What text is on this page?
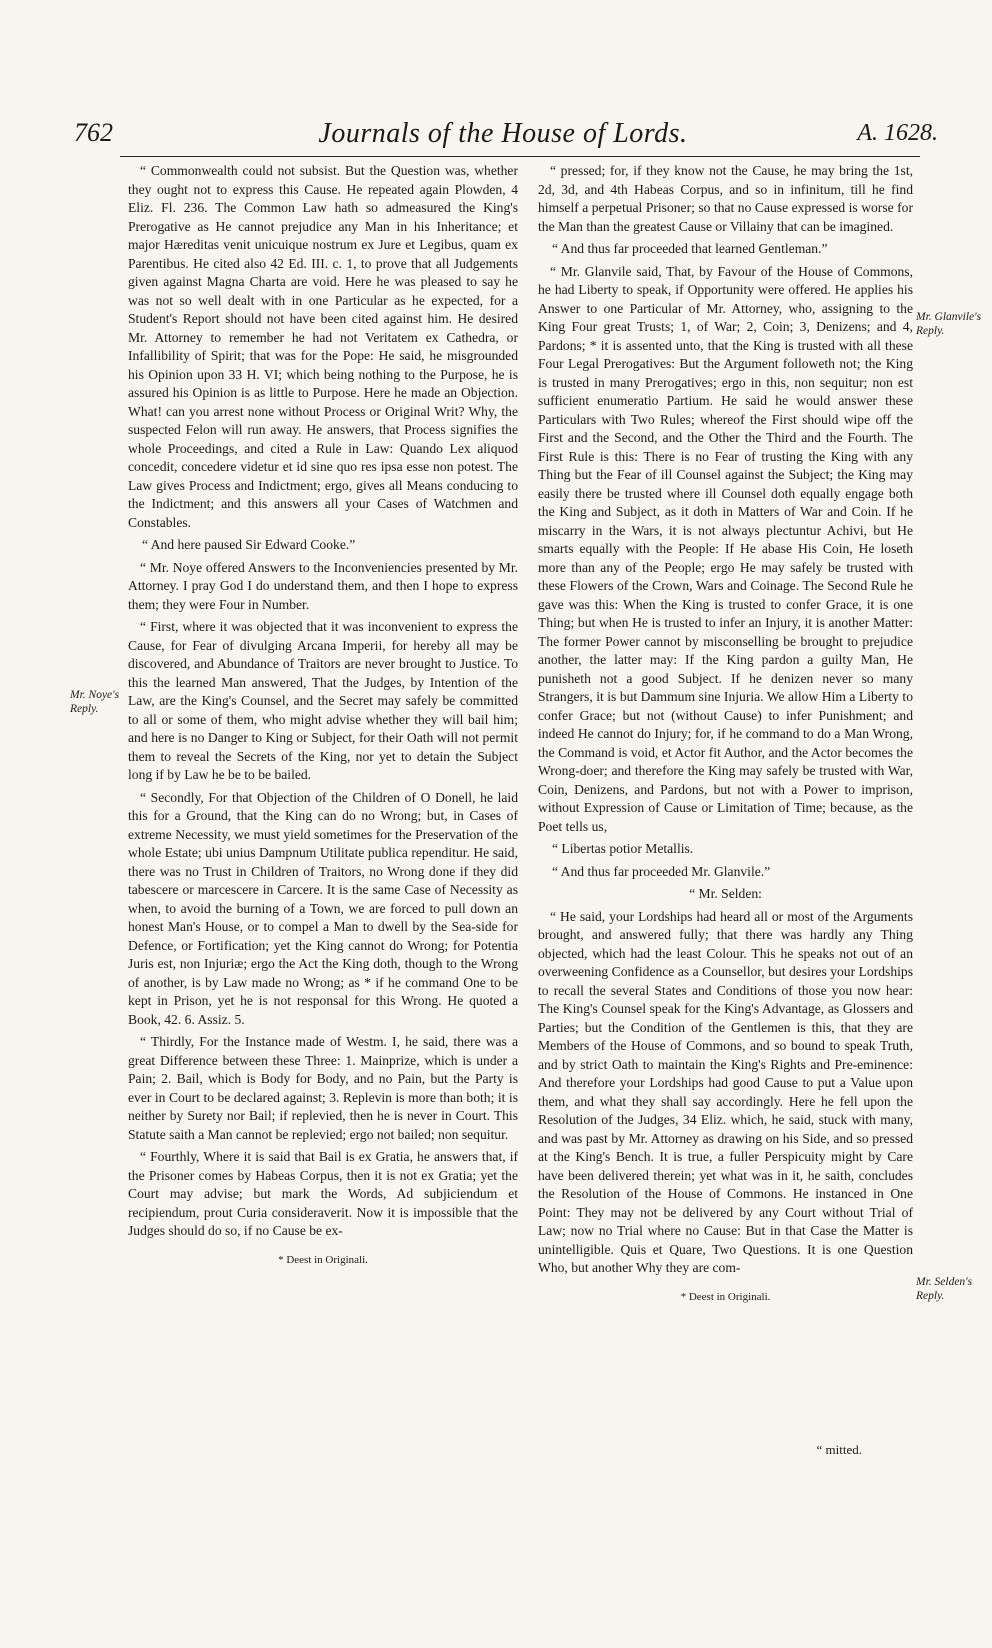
762	Journals of the House of Lords.	A. 1628.
Mr. Noye's Reply.
Mr. Glanvile's Reply.
Mr. Selden's Reply.

“ Commonwealth could not subsist. But the Question was, whether they ought not to express this Cause. He repeated again Plowden, 4 Eliz. Fl. 236. The Common Law hath so admeasured the King's Prerogative as He cannot prejudice any Man in his Inheritance; et major Hæreditas venit unicuique nostrum ex Jure et Legibus, quam ex Parentibus. He cited also 42 Ed. III. c. 1, to prove that all Judgements given against Magna Charta are void. Here he was pleased to say he was not so well dealt with in one Particular as he expected, for a Student's Report should not have been cited against him. He desired Mr. Attorney to remember he had not Veritatem ex Cathedra, or Infallibility of Spirit; that was for the Pope: He said, he misgrounded his Opinion upon 33 H. VI; which being nothing to the Purpose, he is assured his Opinion is as little to Purpose. Here he made an Objection. What! can you arrest none without Process or Original Writ? Why, the suspected Felon will run away. He answers, that Process signifies the whole Proceedings, and cited a Rule in Law: Quando Lex aliquod concedit, concedere videtur et id sine quo res ipsa esse non potest. The Law gives Process and Indictment; ergo, gives all Means conducing to the Indictment; and this answers all your Cases of Watchmen and Constables.

“ And here paused Sir Edward Cooke.”

“ Mr. Noye offered Answers to the Inconveniencies presented by Mr. Attorney. I pray God I do understand them, and then I hope to express them; they were Four in Number.

“ First, where it was objected that it was inconvenient to express the Cause, for Fear of divulging Arcana Imperii, for hereby all may be discovered, and Abundance of Traitors are never brought to Justice. To this the learned Man answered, That the Judges, by Intention of the Law, are the King's Counsel, and the Secret may safely be committed to all or some of them, who might advise whether they will bail him; and here is no Danger to King or Subject, for their Oath will not permit them to reveal the Secrets of the King, nor yet to detain the Subject long if by Law he be to be bailed.

“ Secondly, For that Objection of the Children of O Donell, he laid this for a Ground, that the King can do no Wrong; but, in Cases of extreme Necessity, we must yield sometimes for the Preservation of the whole Estate; ubi unius Dampnum Utilitate publica rependitur. He said, there was no Trust in Children of Traitors, no Wrong done if they did tabescere or marcescere in Carcere. It is the same Case of Necessity as when, to avoid the burning of a Town, we are forced to pull down an honest Man's House, or to compel a Man to dwell by the Sea-side for Defence, or Fortification; yet the King cannot do Wrong; for Potentia Juris est, non Injuriæ; ergo the Act the King doth, though to the Wrong of another, is by Law made no Wrong; as * if he command One to be kept in Prison, yet he is not responsal for this Wrong. He quoted a Book, 42. 6. Assiz. 5.

“ Thirdly, For the Instance made of Westm. I, he said, there was a great Difference between these Three: 1. Mainprize, which is under a Pain; 2. Bail, which is Body for Body, and no Pain, but the Party is ever in Court to be declared against; 3. Replevin is more than both; it is neither by Surety nor Bail; if replevied, then he is never in Court. This Statute saith a Man cannot be replevied; ergo not bailed; non sequitur.

“ Fourthly, Where it is said that Bail is ex Gratia, he answers that, if the Prisoner comes by Habeas Corpus, then it is not ex Gratia; yet the Court may advise; but mark the Words, Ad subjiciendum et recipiendum, prout Curia consideraverit. Now it is impossible that the Judges should do so, if no Cause be ex-

* Deest in Originali.

“ pressed; for, if they know not the Cause, he may bring the 1st, 2d, 3d, and 4th Habeas Corpus, and so in infinitum, till he find himself a perpetual Prisoner; so that no Cause expressed is worse for the Man than the greatest Cause or Villainy that can be imagined.

“ And thus far proceeded that learned Gentleman.”

“ Mr. Glanvile said, That, by Favour of the House of Commons, he had Liberty to speak, if Opportunity were offered. He applies his Answer to one Particular of Mr. Attorney, who, assigning to the King Four great Trusts; 1, of War; 2, Coin; 3, Denizens; and 4, Pardons; * it is assented unto, that the King is trusted with all these Four Legal Prerogatives: But the Argument followeth not; the King is trusted in many Prerogatives; ergo in this, non sequitur; non est sufficient enumeratio Partium. He said he would answer these Particulars with Two Rules; whereof the First should wipe off the First and the Second, and the Other the Third and the Fourth. The First Rule is this: There is no Fear of trusting the King with any Thing but the Fear of ill Counsel against the Subject; the King may easily there be trusted where ill Counsel doth equally engage both the King and Subject, as it doth in Matters of War and Coin. If he miscarry in the Wars, it is not always plectuntur Achivi, but He smarts equally with the People: If He abase His Coin, He loseth more than any of the People; ergo He may safely be trusted with these Flowers of the Crown, Wars and Coinage. The Second Rule he gave was this: When the King is trusted to confer Grace, it is one Thing; but when He is trusted to infer an Injury, it is another Matter: The former Power cannot by misconselling be brought to prejudice another, the latter may: If the King pardon a guilty Man, He punisheth not a good Subject. If he denizen never so many Strangers, it is but Dammum sine Injuria. We allow Him a Liberty to confer Grace; but not (without Cause) to infer Punishment; and indeed He cannot do Injury; for, if he command to do a Man Wrong, the Command is void, et Actor fit Author, and the Actor becomes the Wrong-doer; and therefore the King may safely be trusted with War, Coin, Denizens, and Pardons, but not with a Power to imprison, without Expression of Cause or Limitation of Time; because, as the Poet tells us,

“ Libertas potior Metallis.

“ And thus far proceeded Mr. Glanvile.”

“ Mr. Selden:

“ He said, your Lordships had heard all or most of the Arguments brought, and answered fully; that there was hardly any Thing objected, which had the least Colour. This he speaks not out of an overweening Confidence as a Counsellor, but desires your Lordships to recall the several States and Conditions of those you now hear: The King's Counsel speak for the King's Advantage, as Glossers and Parties; but the Condition of the Gentlemen is this, that they are Members of the House of Commons, and so bound to speak Truth, and by strict Oath to maintain the King's Rights and Pre-eminence: And therefore your Lordships had good Cause to put a Value upon them, and what they shall say accordingly. Here he fell upon the Resolution of the Judges, 34 Eliz. which, he said, stuck with many, and was past by Mr. Attorney as drawing on his Side, and so pressed at the King's Bench. It is true, a fuller Perspicuity might by Care have been delivered therein; yet what was in it, he saith, concludes the Resolution of the House of Commons. He instanced in One Point: They may not be delivered by any Court without Trial of Law; now no Trial where no Cause: But in that Case the Matter is unintelligible. Quis et Quare, Two Questions. It is one Question Who, but another Why they are com-

* Deest in Originali.

“ mitted.
